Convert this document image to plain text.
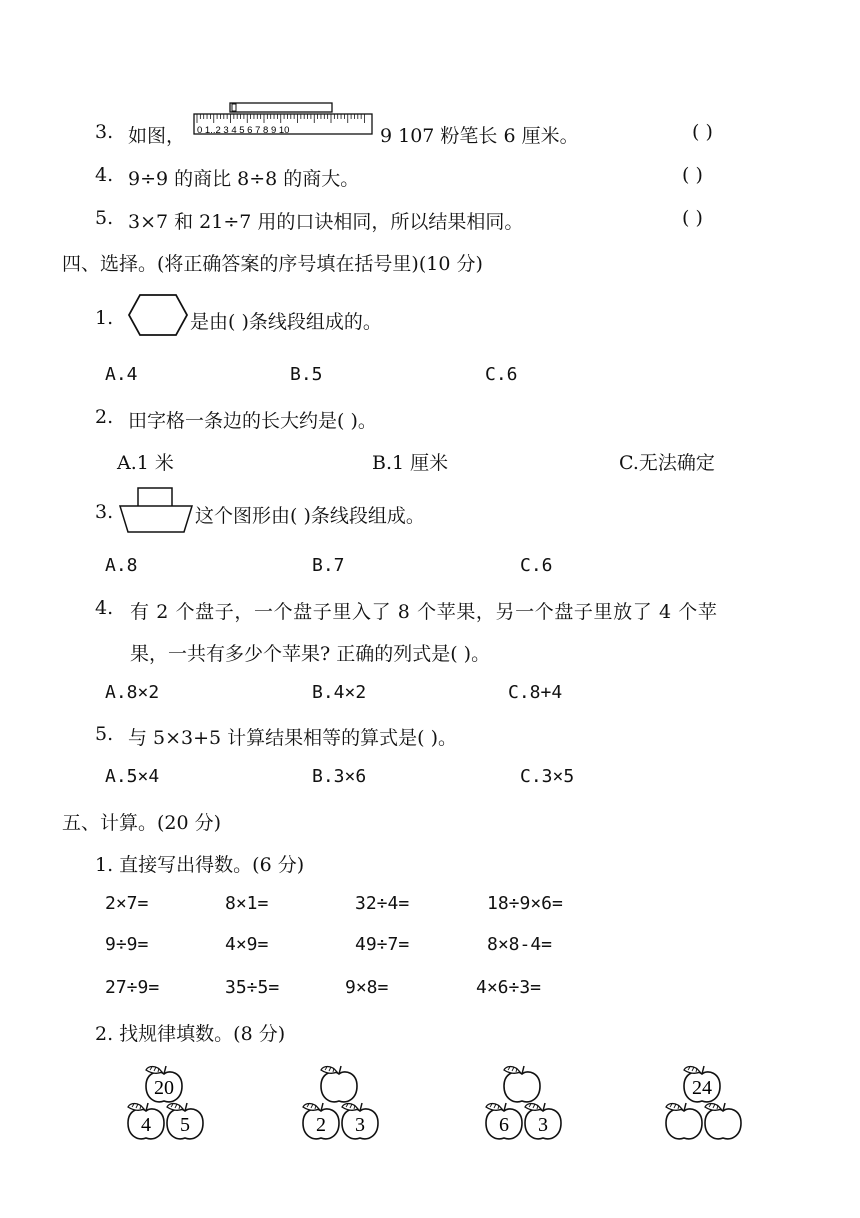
3. 如图， 0 1..2 3 4 5 6 7 8 9 10	9 107 粉笔长 6 厘米。	( )
4. 9÷9 的商比 8÷8 的商大。	( )
5. 3×7 和 21÷7 用的口诀相同，所以结果相同。	( )
四、选择。(将正确答案的序号填在括号里)(10 分)
1.	是由( )条线段组成的。
A.4	B.5	C.6
2. 田字格一条边的长大约是( )。
A.1 米	B.1 厘米	C.无法确定
3.	这个图形由( )条线段组成。
A.8	B.7	C.6
4. 有 2 个盘子，一个盘子里入了 8 个苹果，另一个盘子里放了 4 个苹
果，一共有多少个苹果? 正确的列式是( )。
A.8×2	B.4×2	C.8+4
5. 与 5×3+5 计算结果相等的算式是( )。
A.5×4	B.3×6	C.3×5
五、计算。(20 分)
1. 直接写出得数。(6 分)
2×7=	8×1=	32÷4=	18÷9×6=
9÷9=	4×9=	49÷7=	8×8-4=
27÷9=	35÷5=	9×8=	4×6÷3=
2. 找规律填数。(8 分)
20
4 5	2 3	6 3
24
